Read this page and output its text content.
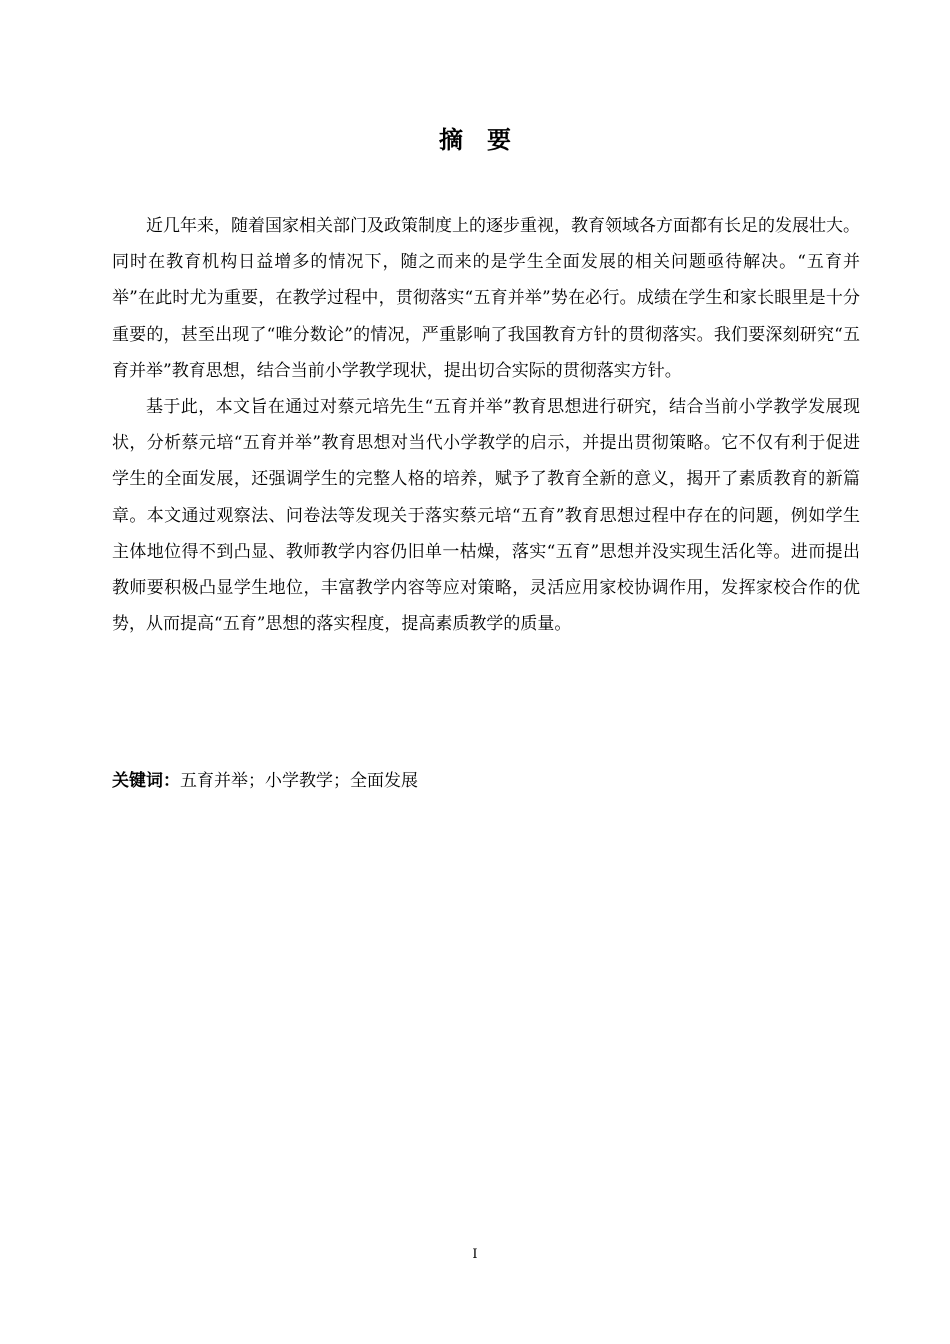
摘 要

近几年来，随着国家相关部门及政策制度上的逐步重视，教育领域各方面都有长足的发展壮大。同时在教育机构日益增多的情况下，随之而来的是学生全面发展的相关问题亟待解决。“五育并举”在此时尤为重要，在教学过程中，贯彻落实“五育并举”势在必行。成绩在学生和家长眼里是十分重要的，甚至出现了“唯分数论”的情况，严重影响了我国教育方针的贯彻落实。我们要深刻研究“五育并举”教育思想，结合当前小学教学现状，提出切合实际的贯彻落实方针。

基于此，本文旨在通过对蔡元培先生“五育并举”教育思想进行研究，结合当前小学教学发展现状，分析蔡元培“五育并举”教育思想对当代小学教学的启示，并提出贯彻策略。它不仅有利于促进学生的全面发展，还强调学生的完整人格的培养，赋予了教育全新的意义，揭开了素质教育的新篇章。本文通过观察法、问卷法等发现关于落实蔡元培“五育”教育思想过程中存在的问题，例如学生主体地位得不到凸显、教师教学内容仍旧单一枯燥，落实“五育”思想并没实现生活化等。进而提出教师要积极凸显学生地位，丰富教学内容等应对策略，灵活应用家校协调作用，发挥家校合作的优势，从而提高“五育”思想的落实程度，提高素质教学的质量。

关键词：五育并举；小学教学；全面发展
I
